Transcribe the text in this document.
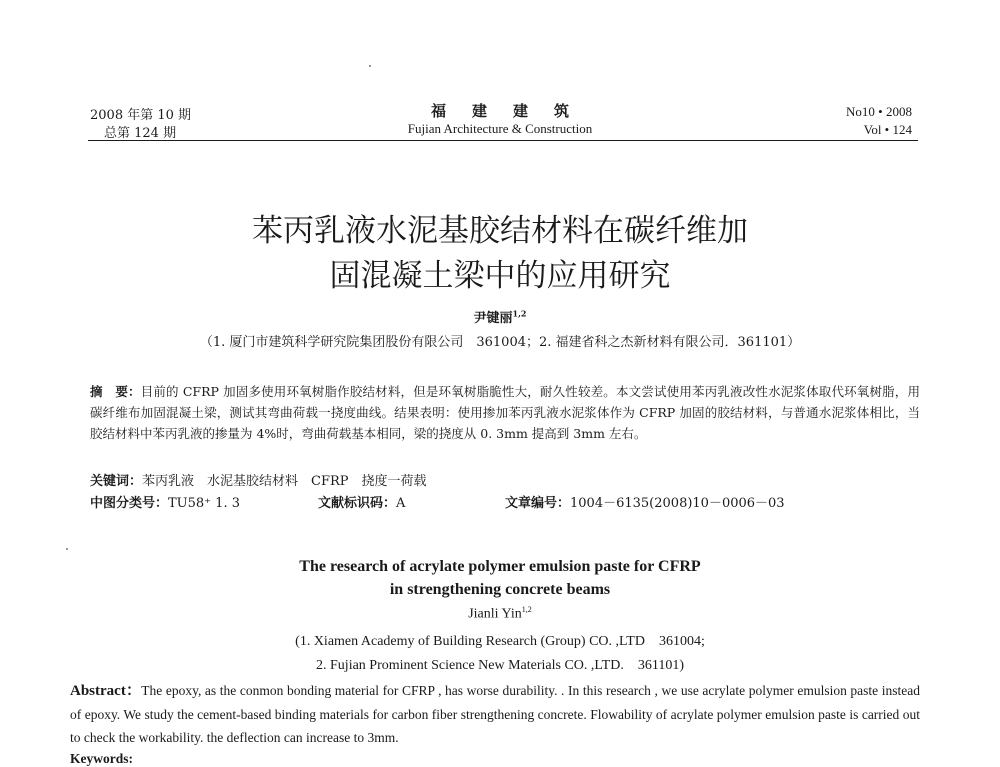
2008 年第 10 期
总第 124 期
福建建筑
Fujian Architecture & Construction
No10 • 2008
Vol • 124
苯丙乳液水泥基胶结材料在碳纤维加
固混凝土梁中的应用研究
尹键丽$^{1,2}$
（1. 厦门市建筑科学研究院集团股份有限公司　361004；2. 福建省科之杰新材料有限公司．361101）
摘　要：目前的 CFRP 加固多使用环氧树脂作胶结材料，但是环氧树脂脆性大，耐久性较差。本文尝试使用苯丙乳液改性水泥浆体取代环氧树脂，用碳纤维布加固混凝土梁，测试其弯曲荷载一挠度曲线。结果表明：使用掺加苯丙乳液水泥浆体作为 CFRP 加固的胶结材料，与普通水泥浆体相比，当胶结材料中苯丙乳液的掺量为 4%时，弯曲荷载基本相同，梁的挠度从 0. 3mm 提高到 3mm 左右。
关键词：苯丙乳液　水泥基胶结材料　CFRP　挠度一荷载
中图分类号：TU58⁺ 1. 3	文献标识码：A	文章编号：1004－6135(2008)10－0006－03
The research of acrylate polymer emulsion paste for CFRP
in strengthening concrete beams
Jianli Yin$^{1,2}$
(1. Xiamen Academy of Building Research (Group) CO. ,LTD　361004;
2. Fujian Prominent Science New Materials CO. ,LTD.　361101)
Abstract：The epoxy, as the conmon bonding material for CFRP , has worse durability. . In this research , we use acrylate polymer emulsion paste instead of epoxy. We study the cement-based binding materials for carbon fiber strengthening concrete. Flowability of acrylate polymer emulsion paste is carried out to check the workability. the deflection can increase to 3mm.
Keywords:
